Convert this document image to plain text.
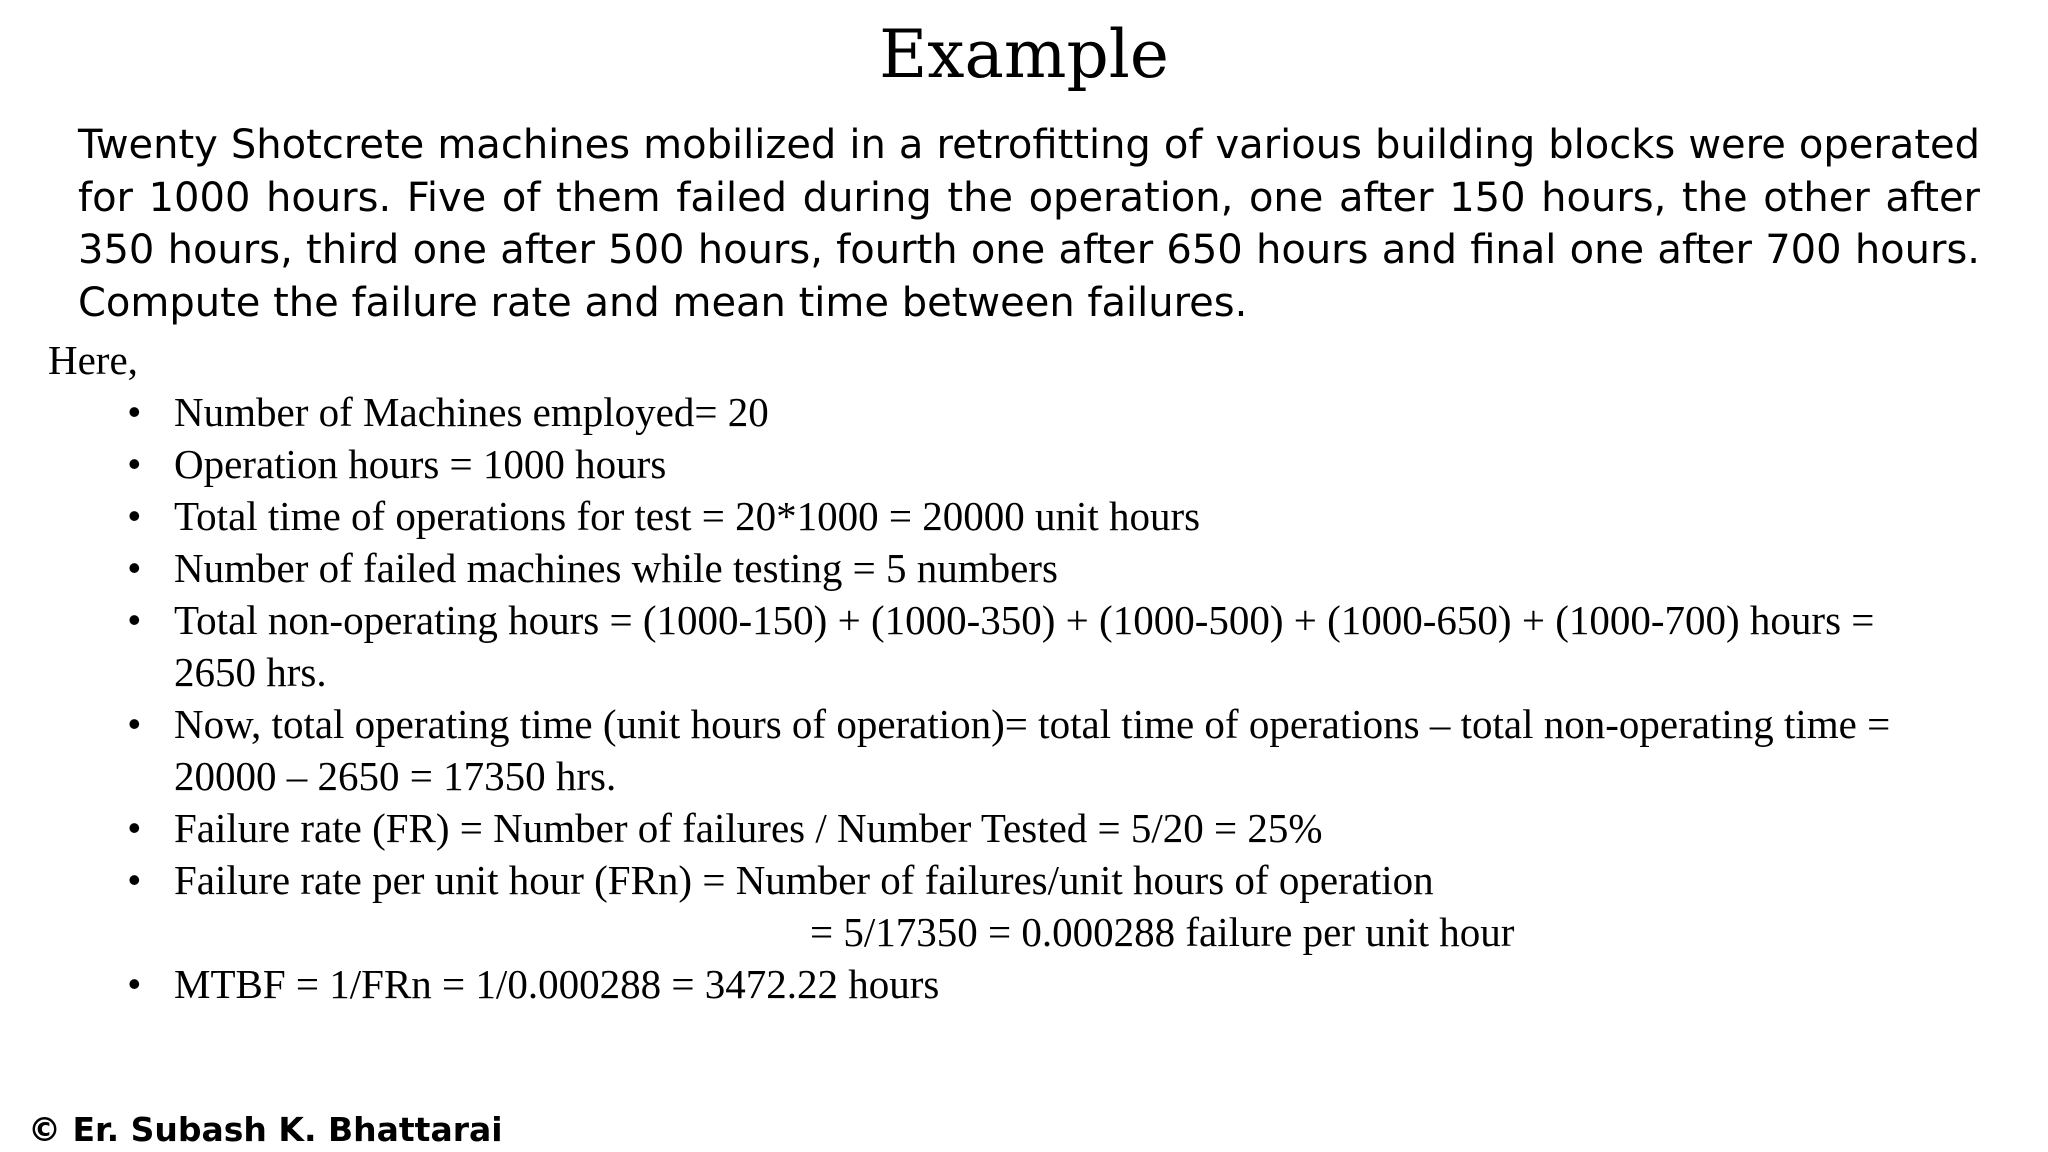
Example

Twenty Shotcrete machines mobilized in a retrofitting of various building blocks were operated for 1000 hours. Five of them failed during the operation, one after 150 hours, the other after 350 hours, third one after 500 hours, fourth one after 650 hours and final one after 700 hours. Compute the failure rate and mean time between failures.

Here,

• Number of Machines employed= 20
• Operation hours = 1000 hours
• Total time of operations for test = 20*1000 = 20000 unit hours
• Number of failed machines while testing = 5 numbers
• Total non-operating hours = (1000-150) + (1000-350) + (1000-500) + (1000-650) + (1000-700) hours = 2650 hrs.
• Now, total operating time (unit hours of operation)= total time of operations – total non-operating time = 20000 – 2650 = 17350 hrs.
• Failure rate (FR) = Number of failures / Number Tested = 5/20 = 25%
• Failure rate per unit hour (FRn) = Number of failures/unit hours of operation
= 5/17350 = 0.000288 failure per unit hour
• MTBF = 1/FRn = 1/0.000288 = 3472.22 hours

© Er. Subash K. Bhattarai
